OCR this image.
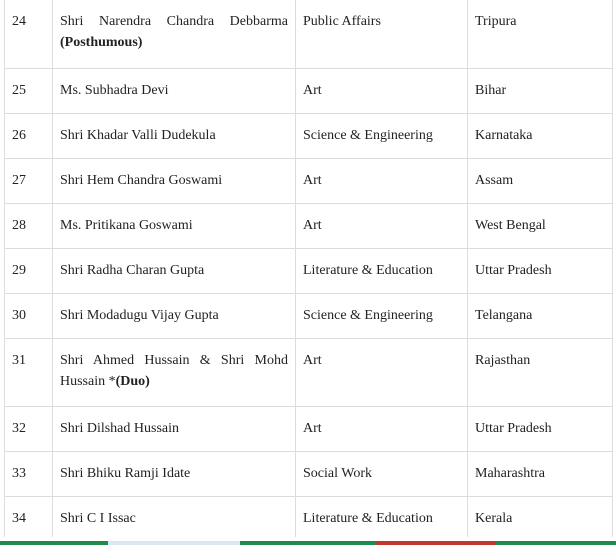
24	Shri Narendra Chandra Debbarma (Posthumous)	Public Affairs	Tripura
25	Ms. Subhadra Devi	Art	Bihar
26	Shri Khadar Valli Dudekula	Science & Engineering	Karnataka
27	Shri Hem Chandra Goswami	Art	Assam
28	Ms. Pritikana Goswami	Art	West Bengal
29	Shri Radha Charan Gupta	Literature & Education	Uttar Pradesh
30	Shri Modadugu Vijay Gupta	Science & Engineering	Telangana
31	Shri Ahmed Hussain & Shri Mohd Hussain *(Duo)	Art	Rajasthan
32	Shri Dilshad Hussain	Art	Uttar Pradesh
33	Shri Bhiku Ramji Idate	Social Work	Maharashtra
34	Shri C I Issac	Literature & Education	Kerala
